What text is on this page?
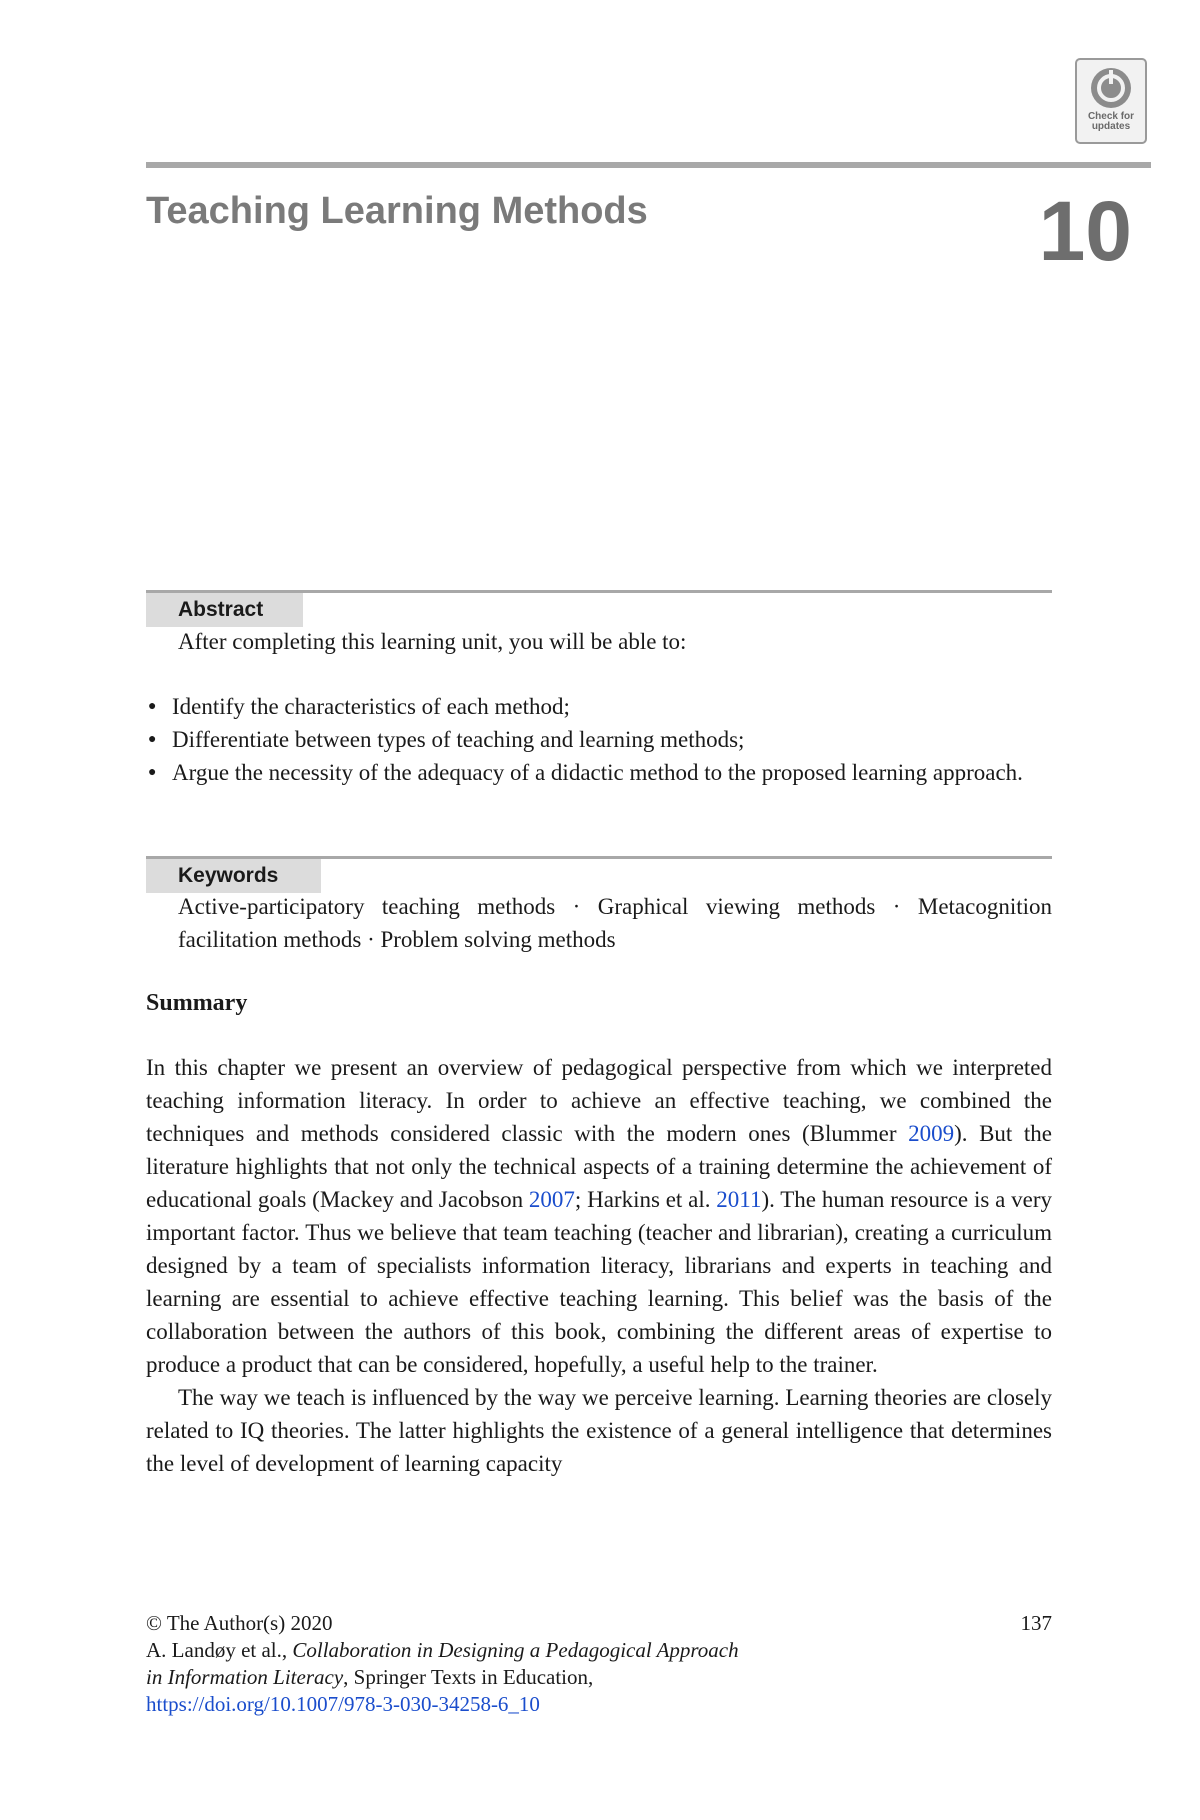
Check for updates
Teaching Learning Methods	10
Abstract
After completing this learning unit, you will be able to:
● Identify the characteristics of each method;
● Differentiate between types of teaching and learning methods;
● Argue the necessity of the adequacy of a didactic method to the proposed learning approach.
Keywords
Active-participatory teaching methods · Graphical viewing methods · Metacognition facilitation methods · Problem solving methods
Summary

In this chapter we present an overview of pedagogical perspective from which we interpreted teaching information literacy. In order to achieve an effective teaching, we combined the techniques and methods considered classic with the modern ones (Blummer 2009). But the literature highlights that not only the technical aspects of a training determine the achievement of educational goals (Mackey and Jacobson 2007; Harkins et al. 2011). The human resource is a very important factor. Thus we believe that team teaching (teacher and librarian), creating a curriculum designed by a team of specialists information literacy, librarians and experts in teaching and learning are essential to achieve effective teaching learning. This belief was the basis of the collaboration between the authors of this book, combining the different areas of expertise to produce a product that can be considered, hopefully, a useful help to the trainer.

The way we teach is influenced by the way we perceive learning. Learning theories are closely related to IQ theories. The latter highlights the existence of a general intelligence that determines the level of development of learning capacity

© The Author(s) 2020	137
A. Landøy et al., Collaboration in Designing a Pedagogical Approach
in Information Literacy, Springer Texts in Education,
https://doi.org/10.1007/978-3-030-34258-6_10
